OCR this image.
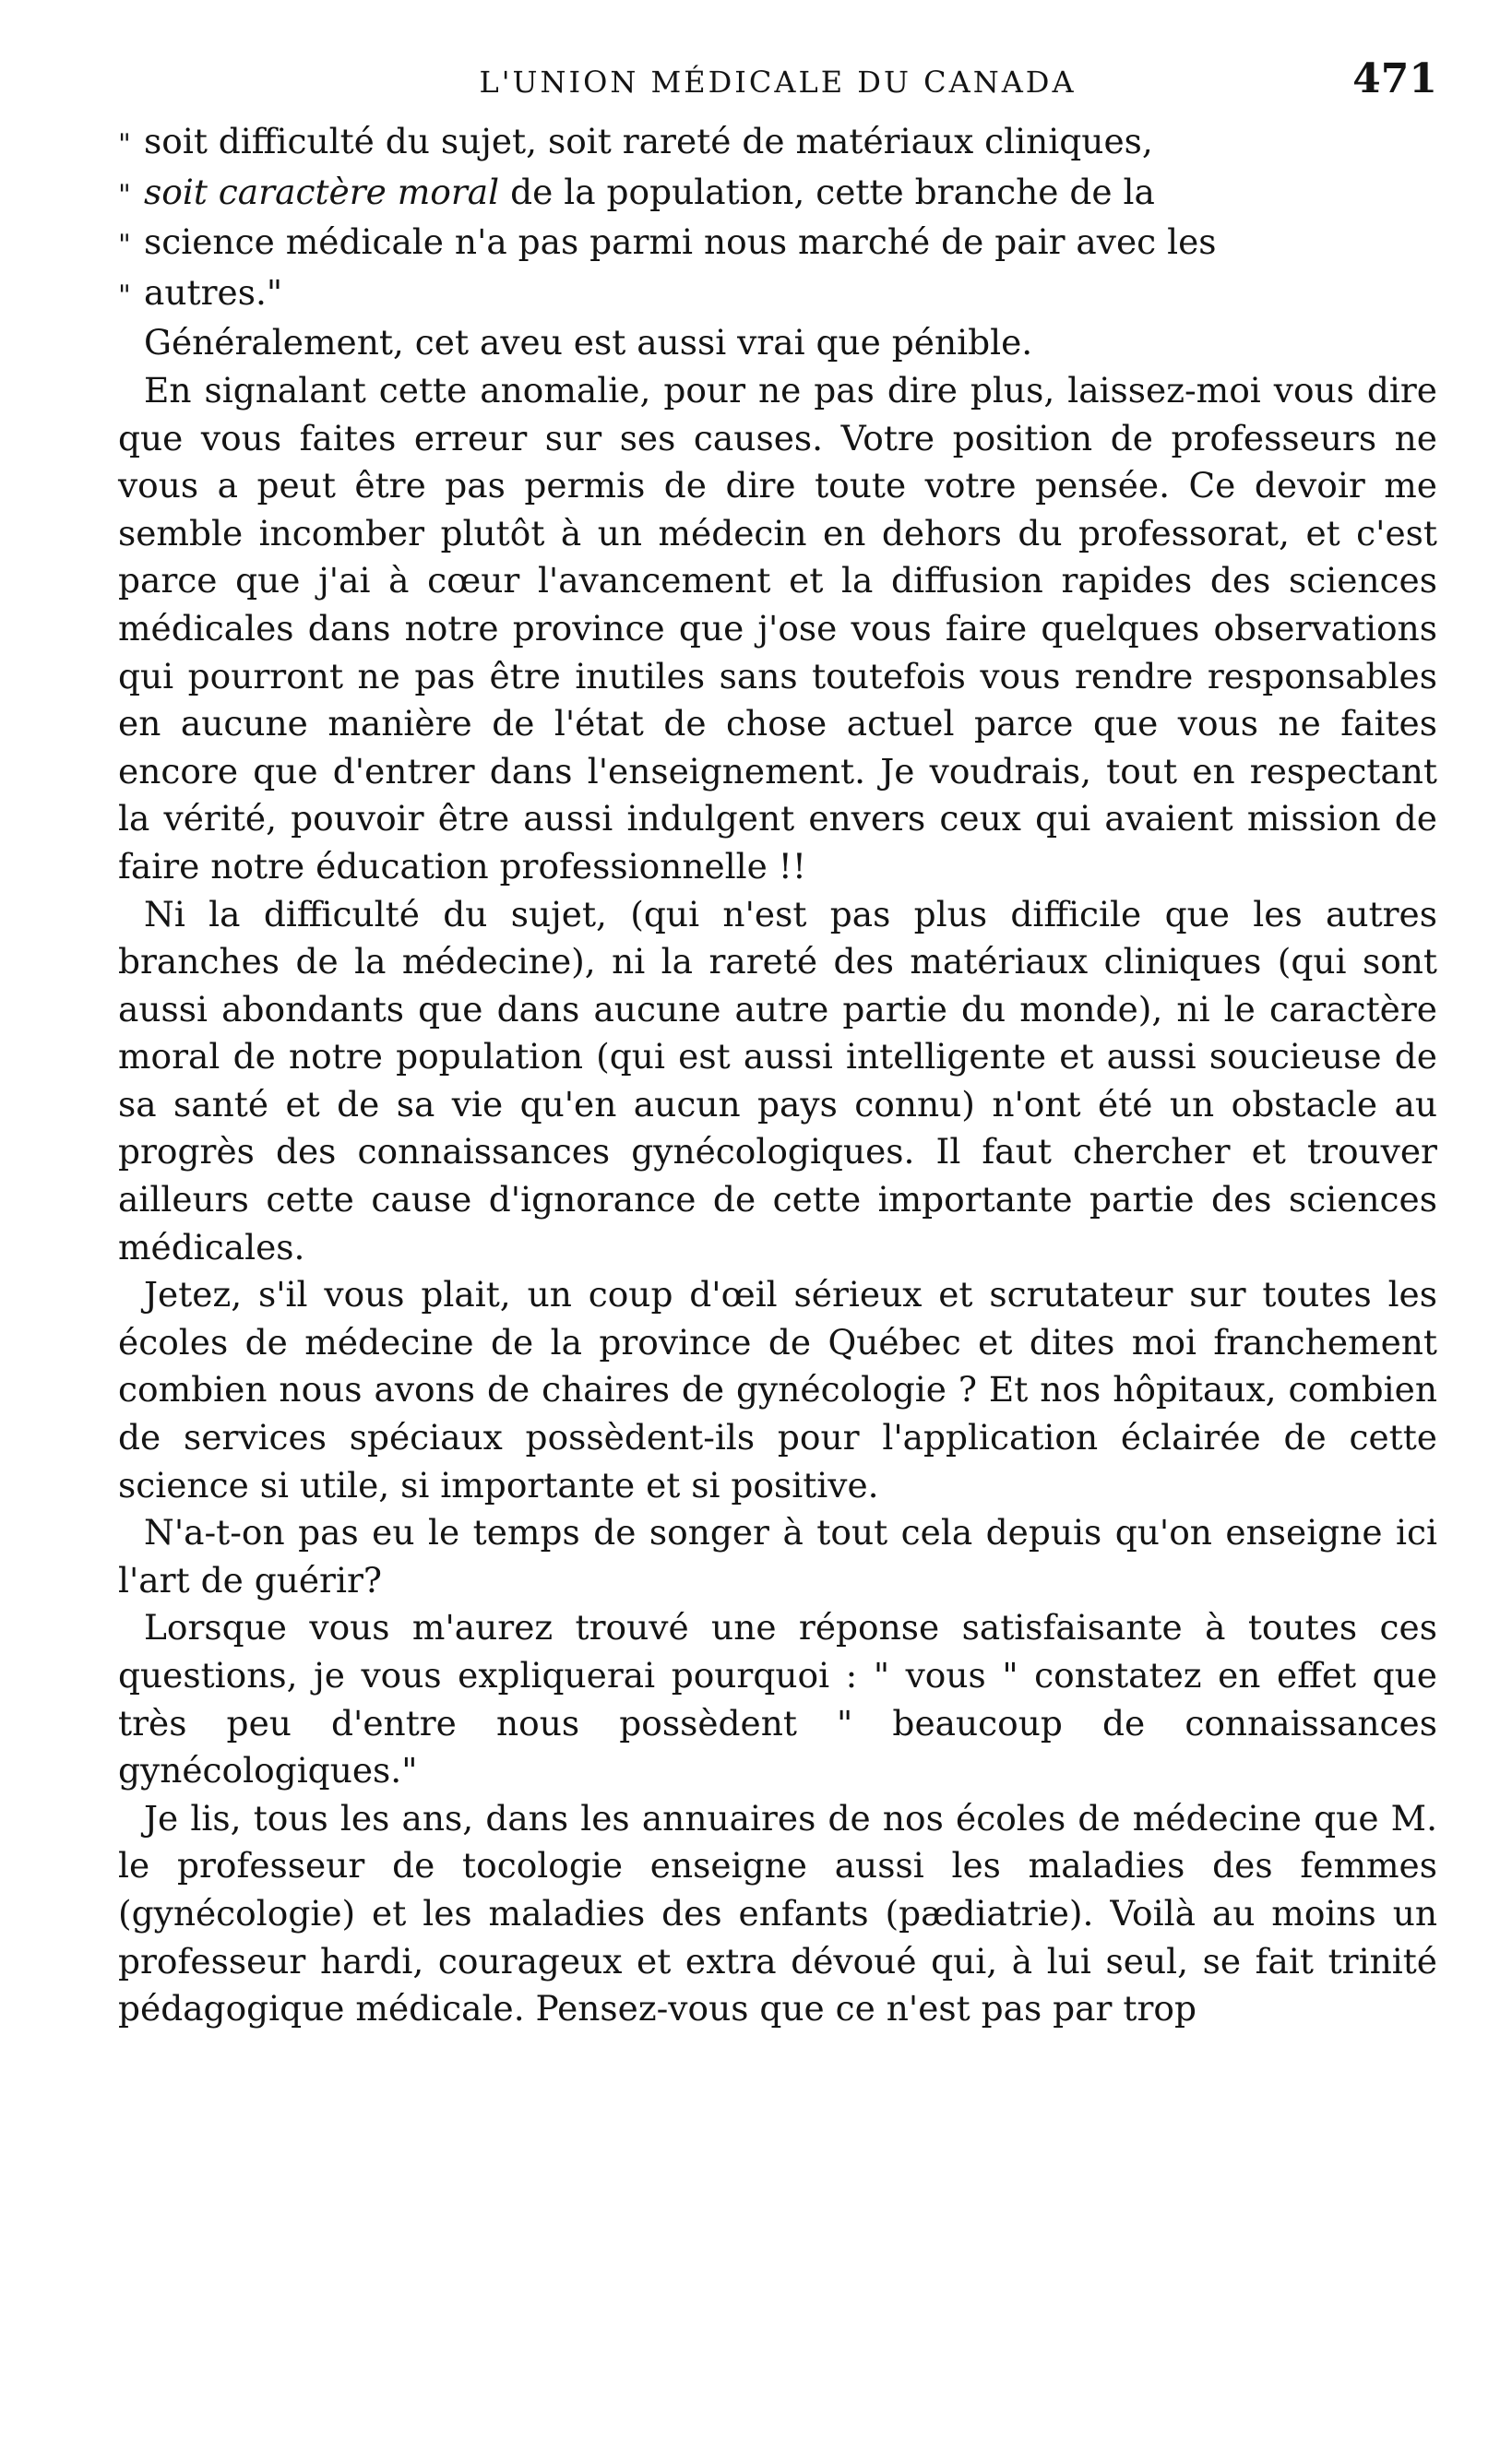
L'UNION MÉDICALE DU CANADA	471
" soit difficulté du sujet, soit rareté de matériaux cliniques,
" soit caractère moral de la population, cette branche de la
" science médicale n'a pas parmi nous marché de pair avec les
" autres."

Généralement, cet aveu est aussi vrai que pénible.

En signalant cette anomalie, pour ne pas dire plus, laissez-moi vous dire que vous faites erreur sur ses causes. Votre position de professeurs ne vous a peut être pas permis de dire toute votre pensée. Ce devoir me semble incomber plutôt à un médecin en dehors du professorat, et c'est parce que j'ai à cœur l'avancement et la diffusion rapides des sciences médicales dans notre province que j'ose vous faire quelques observations qui pourront ne pas être inutiles sans toutefois vous rendre responsables en aucune manière de l'état de chose actuel parce que vous ne faites encore que d'entrer dans l'enseignement. Je voudrais, tout en respectant la vérité, pouvoir être aussi indulgent envers ceux qui avaient mission de faire notre éducation professionnelle !!

Ni la difficulté du sujet, (qui n'est pas plus difficile que les autres branches de la médecine), ni la rareté des matériaux cliniques (qui sont aussi abondants que dans aucune autre partie du monde), ni le caractère moral de notre population (qui est aussi intelligente et aussi soucieuse de sa santé et de sa vie qu'en aucun pays connu) n'ont été un obstacle au progrès des connaissances gynécologiques. Il faut chercher et trouver ailleurs cette cause d'ignorance de cette importante partie des sciences médicales.

Jetez, s'il vous plait, un coup d'œil sérieux et scrutateur sur toutes les écoles de médecine de la province de Québec et dites moi franchement combien nous avons de chaires de gynécologie ? Et nos hôpitaux, combien de services spéciaux possèdent-ils pour l'application éclairée de cette science si utile, si importante et si positive.

N'a-t-on pas eu le temps de songer à tout cela depuis qu'on enseigne ici l'art de guérir?

Lorsque vous m'aurez trouvé une réponse satisfaisante à toutes ces questions, je vous expliquerai pourquoi : " vous " constatez en effet que très peu d'entre nous possèdent " beaucoup de connaissances gynécologiques."

Je lis, tous les ans, dans les annuaires de nos écoles de médecine que M. le professeur de tocologie enseigne aussi les maladies des femmes (gynécologie) et les maladies des enfants (pædiatrie). Voilà au moins un professeur hardi, courageux et extra dévoué qui, à lui seul, se fait trinité pédagogique médicale. Pensez-vous que ce n'est pas par trop
